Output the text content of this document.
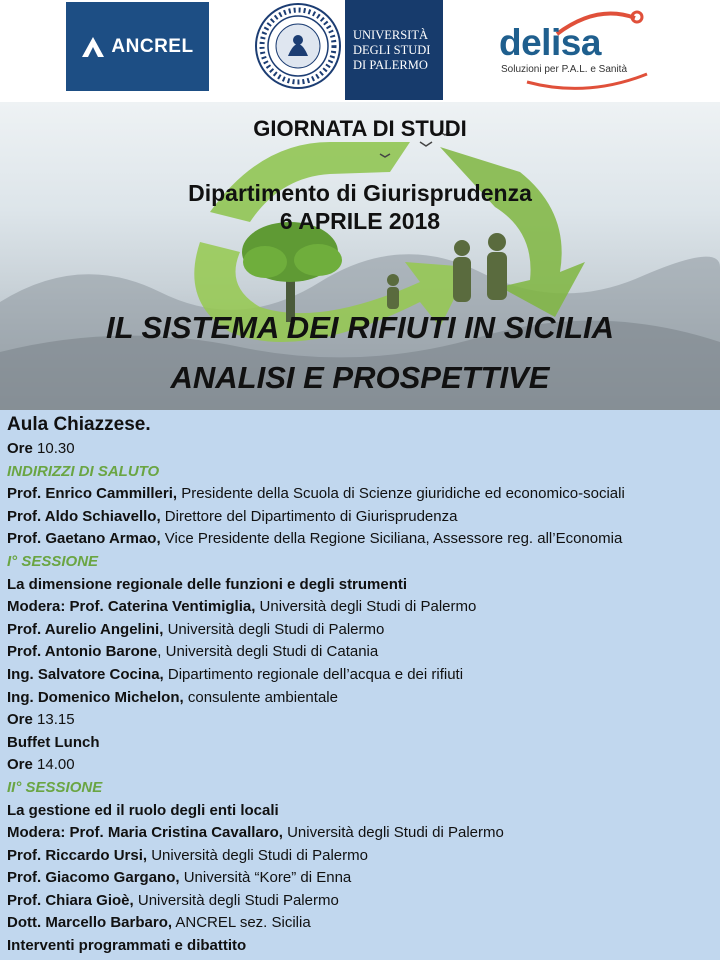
ANCREL
UNIVERSITÀ
DEGLI STUDI
DI PALERMO
delisa
Soluzioni per P.A.L. e Sanità
GIORNATA DI STUDI
Dipartimento di Giurisprudenza
6 APRILE 2018
IL SISTEMA DEI RIFIUTI IN SICILIA
ANALISI E PROSPETTIVE
Aula Chiazzese.
Ore 10.30
INDIRIZZI DI SALUTO
Prof. Enrico Cammilleri, Presidente della Scuola di Scienze giuridiche ed economico-sociali
Prof. Aldo Schiavello, Direttore del Dipartimento di Giurisprudenza
Prof. Gaetano Armao, Vice Presidente della Regione Siciliana, Assessore reg. all’Economia
I° SESSIONE
La dimensione regionale delle funzioni e degli strumenti
Modera: Prof. Caterina Ventimiglia, Università degli Studi di Palermo
Prof. Aurelio Angelini, Università degli Studi di Palermo
Prof. Antonio Barone, Università degli Studi di Catania
Ing. Salvatore Cocina, Dipartimento regionale dell’acqua e dei rifiuti
Ing. Domenico Michelon, consulente ambientale
Ore 13.15
Buffet Lunch
Ore 14.00
II° SESSIONE
La gestione ed il ruolo degli enti locali
Modera: Prof. Maria Cristina Cavallaro, Università degli Studi di Palermo
Prof. Riccardo Ursi, Università degli Studi di Palermo
Prof. Giacomo Gargano, Università “Kore” di Enna
Prof. Chiara Gioè, Università degli Studi Palermo
Dott. Marcello Barbaro, ANCREL sez. Sicilia
Interventi programmati e dibattito
